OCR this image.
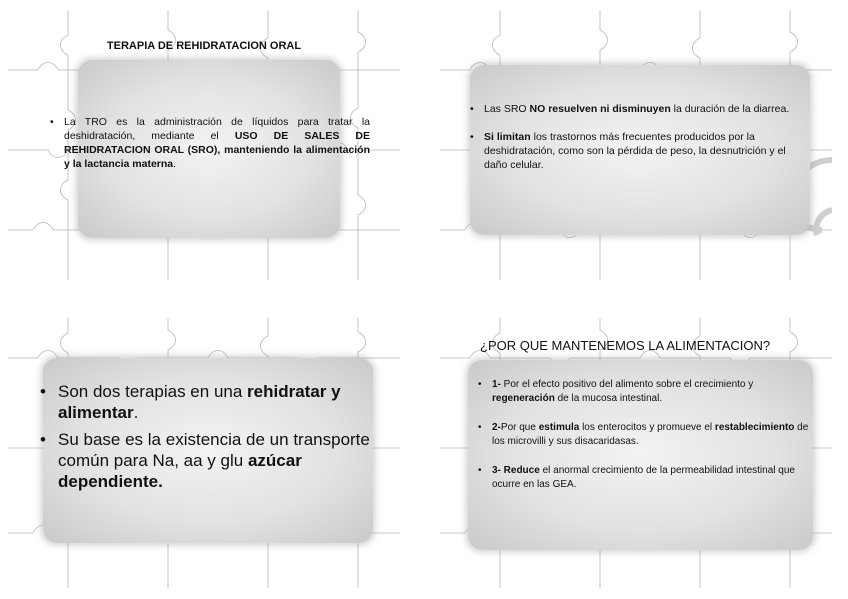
TERAPIA DE REHIDRATACION ORAL
• La TRO es la administración de líquidos para tratar la deshidratación, mediante el USO DE SALES DE REHIDRATACION ORAL (SRO), manteniendo la alimentación y la lactancia materna.
• Las SRO NO resuelven ni disminuyen la duración de la diarrea.
• Si limitan los trastornos más frecuentes producidos por la deshidratación, como son la pérdida de peso, la desnutrición y el daño celular.
• Son dos terapias en una rehidratar y alimentar.
• Su base es la existencia de un transporte común para Na, aa y glu azúcar dependiente.
¿POR QUE MANTENEMOS LA ALIMENTACION?
• 1- Por el efecto positivo del alimento sobre el crecimiento y regeneración de la mucosa intestinal.
• 2-Por que estimula los enterocitos y promueve el restablecimiento de los microvilli y sus disacaridasas.
• 3- Reduce el anormal crecimiento de la permeabilidad intestinal que ocurre en las GEA.
